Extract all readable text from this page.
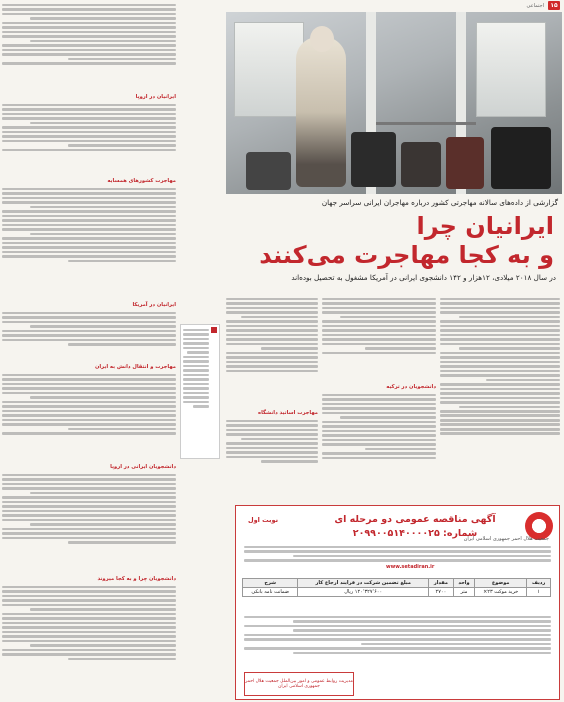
۱۵
اجتماعی
ایرانیان در اروپا
مهاجرت کشورهای همسایه
ایرانیان در آمریکا
مهاجرت و انتقال دانش به ایران
دانشجویان ایرانی در اروپا
دانشجویان چرا و به کجا میروند
گزارشی از داده‌های سالانه مهاجرتی کشور درباره مهاجران ایرانی سراسر جهان
ایرانیان چرا
و به کجا مهاجرت می‌کنند
در سال ۲۰۱۸ میلادی، ۱۲هزار و ۱۴۲ دانشجوی ایرانی در آمریکا مشغول به تحصیل بوده‌اند
دانشجویان در ترکیه
مهاجرت اساتید دانشگاه
✚
آگهی مناقصه عمومی دو مرحله ای
شماره: ۲۰۹۹۰۰۵۱۴۰۰۰۰۲۵
نوبت اول
جمعیت هلال احمر جمهوری اسلامی ایران
www.setadiran.ir
ردیف	موضوع	واحد	مقدار	مبلغ تضمین شرکت در فرایند ارجاع کار	شرح
۱	خرید موکت ۲۳×	متر	۲۷۰۰	۱۲۰٬۳۲۷٬۶۰۰ ریال	ضمانت نامه بانکی
مدیریت روابط عمومی و امور بین‌الملل جمعیت هلال احمر جمهوری اسلامی ایران
